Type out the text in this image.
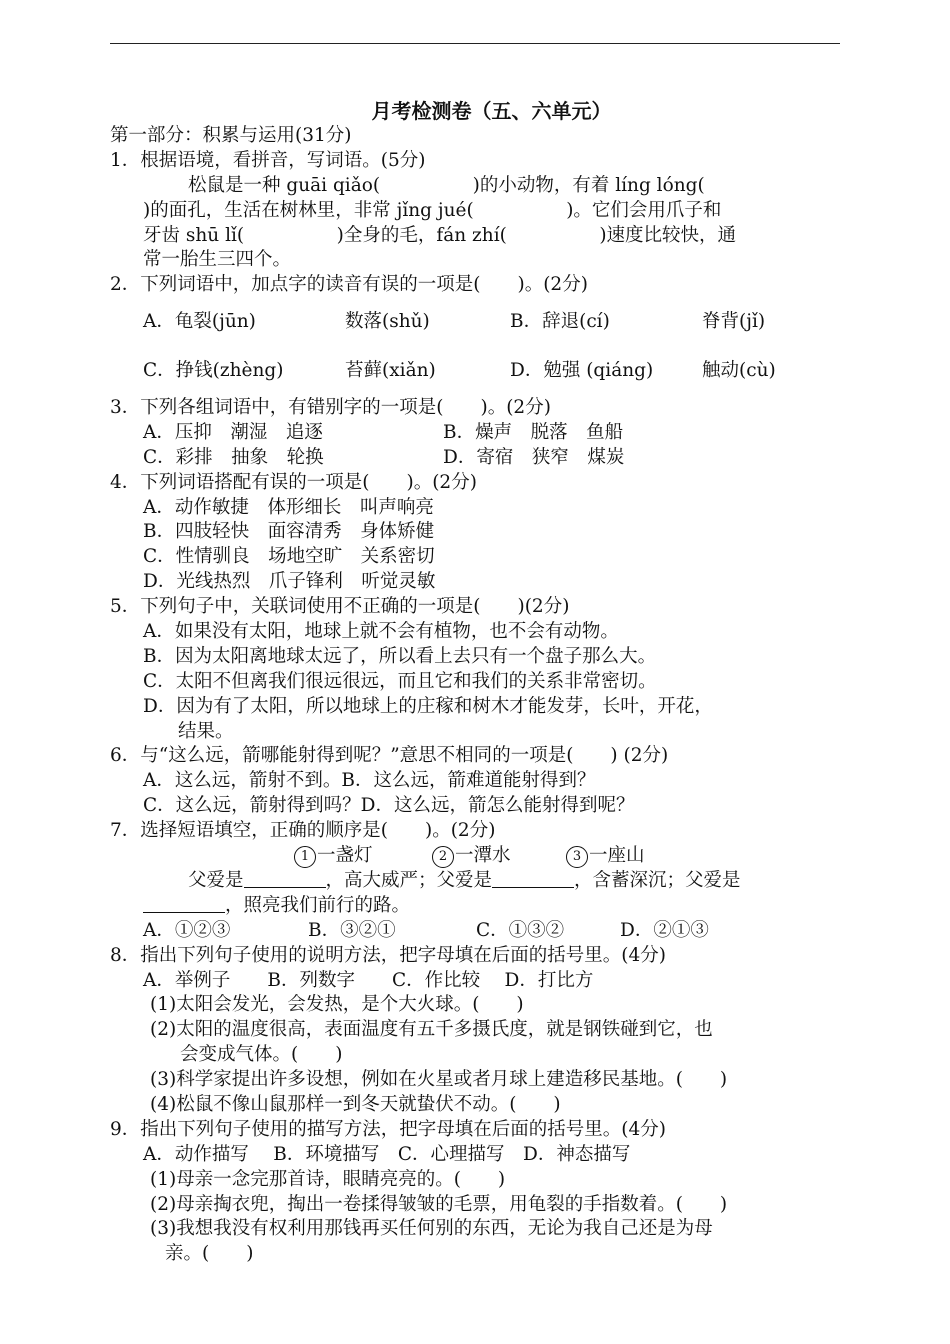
月考检测卷（五、六单元）
第一部分：积累与运用(31分)
1．根据语境，看拼音，写词语。(5分)
松鼠是一种 guāi qiǎo(　　　　　)的小动物，有着 líng lóng(
)的面孔，生活在树林里，非常 jǐng jué(　　　　　)。它们会用爪子和
牙齿 shū lǐ(　　　　　)全身的毛，fán zhí(　　　　　)速度比较快，通
常一胎生三四个。
2．下列词语中，加点字的读音有误的一项是(　　)。(2分)
A．龟裂(jūn)	数落(shǔ)	B．辞退(cí)	脊背(jǐ)
C．挣钱(zhèng)	苔藓(xiǎn)	D．勉强 (qiáng)	触动(cù)
3．下列各组词语中，有错别字的一项是(　　)。(2分)
A．压抑　潮湿　追逐	B．燥声　脱落　鱼船
C．彩排　抽象　轮换	D．寄宿　狭窄　煤炭
4．下列词语搭配有误的一项是(　　)。(2分)
A．动作敏捷　体形细长　叫声响亮
B．四肢轻快　面容清秀　身体矫健
C．性情驯良　场地空旷　关系密切
D．光线热烈　爪子锋利　听觉灵敏
5．下列句子中，关联词使用不正确的一项是(　　)(2分)
A．如果没有太阳，地球上就不会有植物，也不会有动物。
B．因为太阳离地球太远了，所以看上去只有一个盘子那么大。
C．太阳不但离我们很远很远，而且它和我们的关系非常密切。
D．因为有了太阳，所以地球上的庄稼和树木才能发芽，长叶，开花，
结果。
6．与“这么远，箭哪能射得到呢？”意思不相同的一项是(　　) (2分)
A．这么远，箭射不到。B．这么远，箭难道能射得到？
C．这么远，箭射得到吗？D．这么远，箭怎么能射得到呢？
7．选择短语填空，正确的顺序是(　　)。(2分)
1 一盏灯	2 一潭水	3 一座山
父爱是	，高大威严；父爱是	，含蓄深沉；父爱是
，照亮我们前行的路。
A．①②③	B．③②①	C．①③②	D．②①③
8．指出下列句子使用的说明方法，把字母填在后面的括号里。(4分)
A．举例子　　B．列数字　　C．作比较　 D．打比方
(1)太阳会发光，会发热，是个大火球。(　　)
(2)太阳的温度很高，表面温度有五千多摄氏度，就是钢铁碰到它，也
会变成气体。(　　)
(3)科学家提出许多设想，例如在火星或者月球上建造移民基地。(　　)
(4)松鼠不像山鼠那样一到冬天就蛰伏不动。(　　)
9．指出下列句子使用的描写方法，把字母填在后面的括号里。(4分)
A．动作描写　 B．环境描写　C．心理描写　D．神态描写
(1)母亲一念完那首诗，眼睛亮亮的。(　　)
(2)母亲掏衣兜，掏出一卷揉得皱皱的毛票，用龟裂的手指数着。(　　)
(3)我想我没有权利用那钱再买任何别的东西，无论为我自己还是为母
亲。(　　)
